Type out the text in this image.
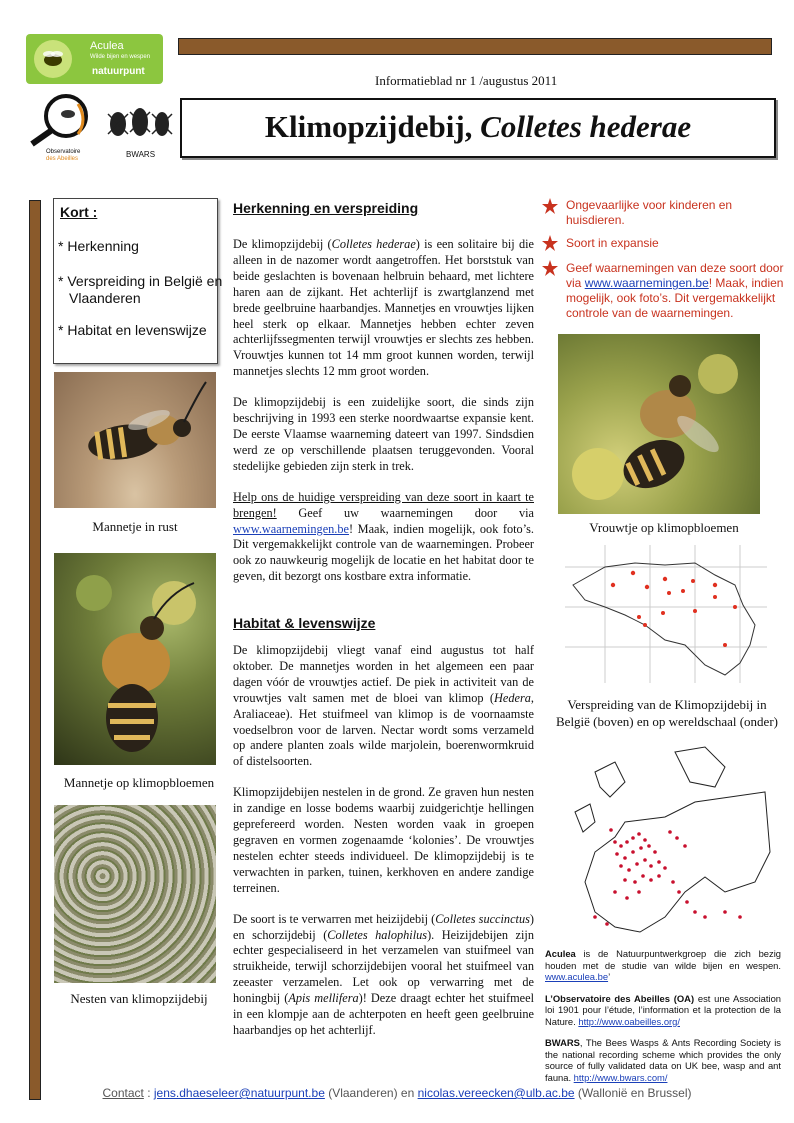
Aculea
Wilde bijen en wespen
natuurpunt
Observatoire
des Abeilles	BWARS
Informatieblad nr 1 /augustus 2011
Klimopzijdebij, Colletes hederae
Kort :
* Herkenning
* Verspreiding in België en Vlaanderen
* Habitat en levenswijze
Mannetje in rust
Mannetje op klimopbloemen
Nesten van klimopzijdebij
Herkenning en verspreiding

De klimopzijdebij (Colletes hederae) is een solitaire bij die alleen in de nazomer wordt aangetroffen. Het borststuk van beide geslachten is bovenaan helbruin behaard, met lichtere haren aan de zijkant. Het achterlijf is zwartglanzend met brede geelbruine haarbandjes. Mannetjes en vrouwtjes lijken heel sterk op elkaar. Mannetjes hebben echter zeven achterlijfssegmenten terwijl vrouwtjes er slechts zes hebben. Vrouwtjes kunnen tot 14 mm groot kunnen worden, terwijl mannetjes slechts 12 mm groot worden.

De klimopzijdebij is een zuidelijke soort, die sinds zijn beschrijving in 1993 een sterke noordwaartse expansie kent. De eerste Vlaamse waarneming dateert van 1997. Sindsdien werd ze op verschillende plaatsen teruggevonden. Vooral stedelijke gebieden zijn sterk in trek.

Help ons de huidige verspreiding van deze soort in kaart te brengen! Geef uw waarnemingen door via www.waarnemingen.be! Maak, indien mogelijk, ook foto’s. Dit vergemakkelijkt controle van de waarnemingen. Probeer ook zo nauwkeurig mogelijk de locatie en het habitat door te geven, dit bezorgt ons kostbare extra informatie.

Habitat & levenswijze

De klimopzijdebij vliegt vanaf eind augustus tot half oktober. De mannetjes worden in het algemeen een paar dagen vóór de vrouwtjes actief. De piek in activiteit van de vrouwtjes valt samen met de bloei van klimop (Hedera, Araliaceae). Het stuifmeel van klimop is de voornaamste voedselbron voor de larven. Nectar wordt soms verzameld op andere planten zoals wilde marjolein, boerenwormkruid of distelsoorten.

Klimopzijdebijen nestelen in de grond. Ze graven hun nesten in zandige en losse bodems waarbij zuidgerichtje hellingen geprefereerd worden. Nesten worden vaak in groepen gegraven en vormen zogenaamde ‘kolonies’. De vrouwtjes nestelen echter steeds individueel. De klimopzijdebij is te verwachten in parken, tuinen, kerkhoven en andere zandige terreinen.

De soort is te verwarren met heizijdebij (Colletes succinctus) en schorzijdebij (Colletes halophilus). Heizijdebijen zijn echter gespecialiseerd in het verzamelen van stuifmeel van struikheide, terwijl schorzijdebijen vooral het stuifmeel van zeeaster verzamelen. Let ook op verwarring met de honingbij (Apis mellifera)! Deze draagt echter het stuifmeel in een klompje aan de achterpoten en heeft geen geelbruine haarbandjes op het achterlijf.

Ongevaarlijke voor kinderen en huisdieren.
Soort in expansie
Geef waarnemingen van deze soort door via www.waarnemingen.be! Maak, indien mogelijk, ook foto’s. Dit vergemakkelijkt controle van de waarnemingen.
Vrouwtje op klimopbloemen
Verspreiding van de Klimopzijdebij in België (boven) en op wereldschaal (onder)

Aculea is de Natuurpuntwerkgroep die zich bezig houden met de studie van wilde bijen en wespen. www.aculea.be’

L’Observatoire des Abeilles (OA) est une Association loi 1901 pour l’étude, l’information et la protection de la Nature. http://www.oabeilles.org/

BWARS, The Bees Wasps & Ants Recording Society is the national recording scheme which provides the only source of fully validated data on UK bee, wasp and ant fauna. http://www.bwars.com/

Contact : jens.dhaeseleer@natuurpunt.be (Vlaanderen) en nicolas.vereecken@ulb.ac.be (Wallonië en Brussel)
